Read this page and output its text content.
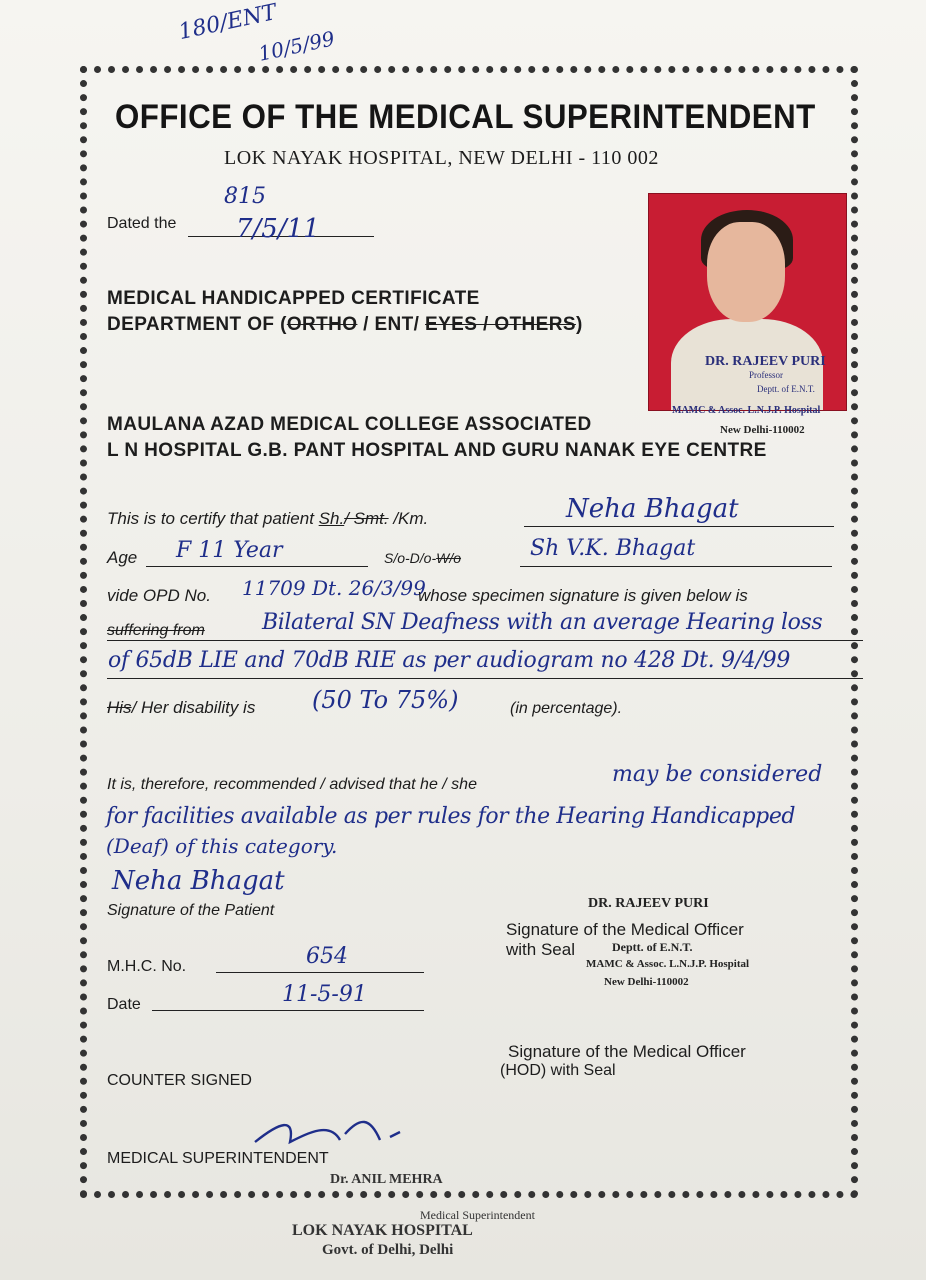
180/ENT
10/5/99
OFFICE OF THE MEDICAL SUPERINTENDENT
LOK NAYAK HOSPITAL, NEW DELHI - 110 002
Dated the
815
7/5/11
DR. RAJEEV PURI
Professor
Deptt. of E.N.T.
MAMC & Assoc. L.N.J.P. Hospital
New Delhi-110002
MEDICAL HANDICAPPED CERTIFICATE
DEPARTMENT OF (ORTHO / ENT/ EYES / OTHERS)
MAULANA AZAD MEDICAL COLLEGE ASSOCIATED
L N HOSPITAL G.B. PANT HOSPITAL AND GURU NANAK EYE CENTRE
This is to certify that patient Sh./ Smt. /Km.	Neha Bhagat
Age F 11 Year	S/o-D/o-W/o	Sh V.K. Bhagat
vide OPD No. 11709 Dt. 26/3/99
whose specimen signature is given below is
suffering from	Bilateral SN Deafness with an average Hearing loss
of 65dB LIE and 70dB RIE as per audiogram no 428 Dt. 9/4/99
His/ Her disability is (50 To 75%)	(in percentage).
It is, therefore, recommended / advised that he / she	may be considered
for facilities available as per rules for the Hearing Handicapped
(Deaf) of this category.
Neha Bhagat
Signature of the Patient	DR. RAJEEV PURI
Signature of the Medical Officer
with Seal	Deptt. of E.N.T.
MAMC & Assoc. L.N.J.P. Hospital
New Delhi-110002
M.H.C. No.	654
Date	11-5-91
Signature of the Medical Officer
(HOD) with Seal
COUNTER SIGNED
MEDICAL SUPERINTENDENT
Dr. ANIL MEHRA
Medical Superintendent
LOK NAYAK HOSPITAL
Govt. of Delhi, Delhi
